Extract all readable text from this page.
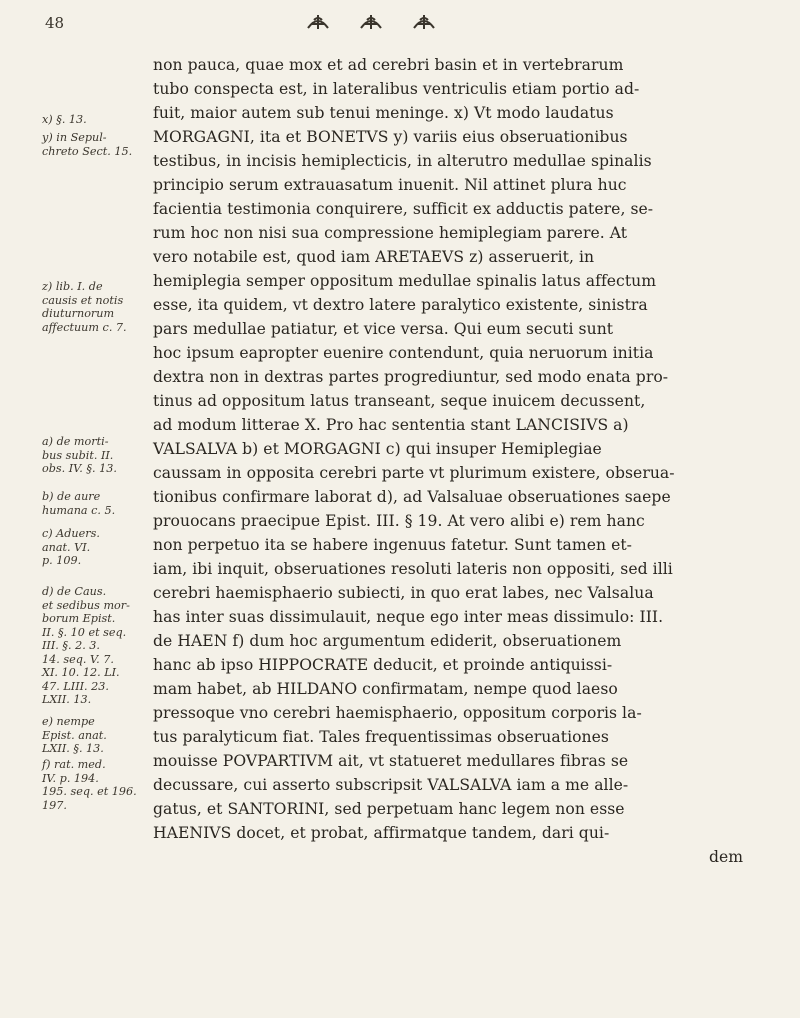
48

x) §. 13.
y) in Sepul-
chreto Sect. 15.
z) lib. I. de
causis et notis
diuturnorum
affectuum c. 7.
a) de morti-
bus subit. II.
obs. IV. §. 13.
b) de aure
humana c. 5.
c) Aduers.
anat. VI.
p. 109.
d) de Caus.
et sedibus mor-
borum Epist.
II. §. 10 et seq.
III. §. 2. 3.
14. seq. V. 7.
XI. 10. 12. LI.
47. LIII. 23.
LXII. 13.
e) nempe
Epist. anat.
LXII. §. 13.
f) rat. med.
IV. p. 194.
195. seq. et 196.
197.
non pauca, quae mox et ad cerebri basin et in vertebrarum
tubo conspecta est, in lateralibus ventriculis etiam portio ad-
fuit, maior autem sub tenui meninge. x) Vt modo laudatus
MORGAGNI, ita et BONETVS y) variis eius obseruationibus
testibus, in incisis hemiplecticis, in alterutro medullae spinalis
principio serum extrauasatum inuenit. Nil attinet plura huc
facientia testimonia conquirere, sufficit ex adductis patere, se-
rum hoc non nisi sua compressione hemiplegiam parere. At
vero notabile est, quod iam ARETAEVS z) asseruerit, in
hemiplegia semper oppositum medullae spinalis latus affectum
esse, ita quidem, vt dextro latere paralytico existente, sinistra
pars medullae patiatur, et vice versa. Qui eum secuti sunt
hoc ipsum eapropter euenire contendunt, quia neruorum initia
dextra non in dextras partes progrediuntur, sed modo enata pro-
tinus ad oppositum latus transeant, seque inuicem decussent,
ad modum litterae X. Pro hac sententia stant LANCISIVS a)
VALSALVA b) et MORGAGNI c) qui insuper Hemiplegiae
caussam in opposita cerebri parte vt plurimum existere, obserua-
tionibus confirmare laborat d), ad Valsaluae obseruationes saepe
prouocans praecipue Epist. III. § 19. At vero alibi e) rem hanc
non perpetuo ita se habere ingenuus fatetur. Sunt tamen et-
iam, ibi inquit, obseruationes resoluti lateris non oppositi, sed illi
cerebri haemisphaerio subiecti, in quo erat labes, nec Valsalua
has inter suas dissimulauit, neque ego inter meas dissimulo: III.
de HAEN f) dum hoc argumentum ediderit, obseruationem
hanc ab ipso HIPPOCRATE deducit, et proinde antiquissi-
mam habet, ab HILDANO confirmatam, nempe quod laeso
pressoque vno cerebri haemisphaerio, oppositum corporis la-
tus paralyticum fiat. Tales frequentissimas obseruationes
mouisse POVPARTIVM ait, vt statueret medullares fibras se
decussare, cui asserto subscripsit VALSALVA iam a me alle-
gatus, et SANTORINI, sed perpetuam hanc legem non esse
HAENIVS docet, et probat, affirmatque tandem, dari qui-
dem
